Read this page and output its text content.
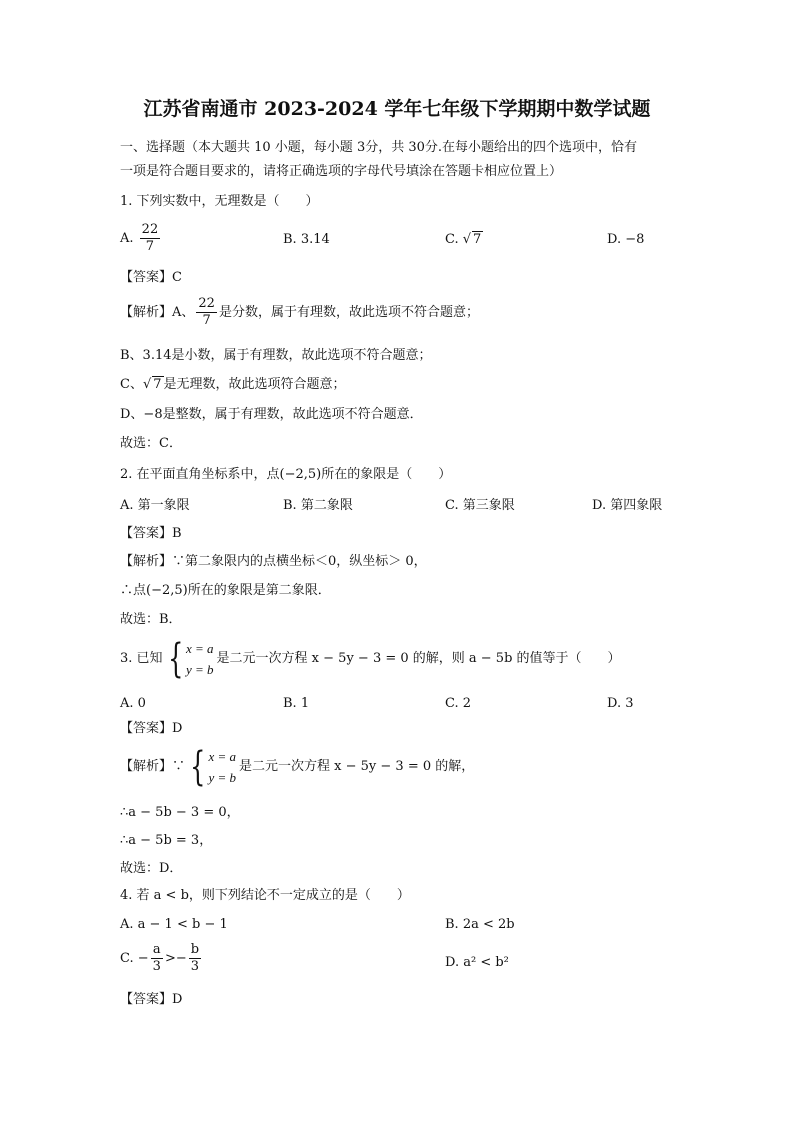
江苏省南通市 2023-2024 学年七年级下学期期中数学试题
一、选择题（本大题共 10 小题，每小题 3分，共 30分.在每小题给出的四个选项中，恰有
一项是符合题目要求的，请将正确选项的字母代号填涂在答题卡相应位置上）
1. 下列实数中，无理数是（　　）
A. $\frac{22}{7}$	B. 3.14	C. √ 7	D. −8
【答案】C
【解析】A、 $\frac{22}{7}$ 是分数，属于有理数，故此选项不符合题意；
B、3.14是小数，属于有理数，故此选项不符合题意；
C、√ 7 是无理数，故此选项符合题意；
D、−8是整数，属于有理数，故此选项不符合题意．
故选：C．
2. 在平面直角坐标系中，点(−2,5)所在的象限是（　　）
A. 第一象限	B. 第二象限	C. 第三象限	D. 第四象限
【答案】B
【解析】∵第二象限内的点横坐标＜0，纵坐标＞ 0，
∴点(−2,5)所在的象限是第二象限．
故选：B．
3. 已知 { x = a
y = b
是二元一次方程 x − 5y − 3 = 0 的解，则 a − 5b 的值等于（　　）
A. 0	B. 1	C. 2	D. 3
【答案】D
【解析】∵ { x = a
y = b
是二元一次方程 x − 5y − 3 = 0 的解，
∴a − 5b − 3 = 0，
∴a − 5b = 3，
故选：D．
4. 若 a < b，则下列结论不一定成立的是（　　）
A. a − 1 < b − 1	B. 2a < 2b
C. − $\frac{a}{3} >- \frac{b}{3}$	D. a² < b²
【答案】D
